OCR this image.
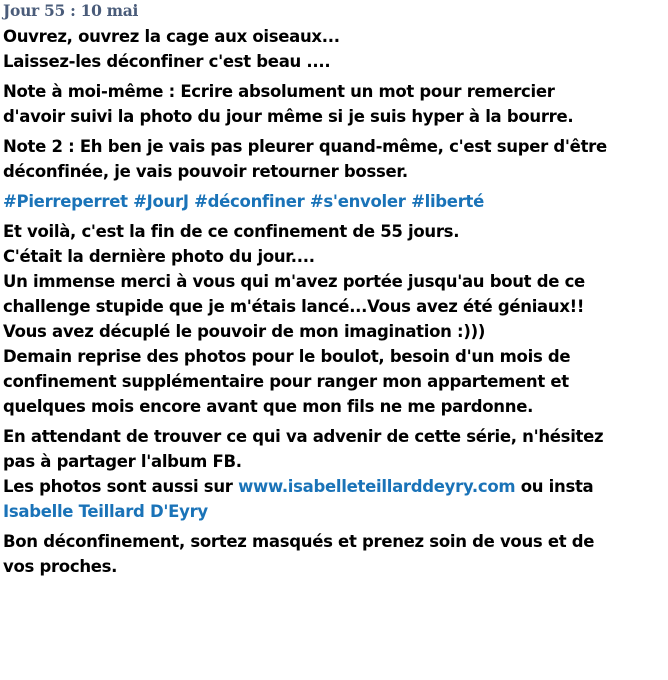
Jour 55 : 10 mai
Ouvrez, ouvrez la cage aux oiseaux...
Laissez-les déconfiner c'est beau ....
Note à moi-même : Ecrire absolument un mot pour remercier
d'avoir suivi la photo du jour même si je suis hyper à la bourre.
Note 2 : Eh ben je vais pas pleurer quand-même, c'est super d'être
déconfinée, je vais pouvoir retourner bosser.
#Pierreperret #JourJ #déconfiner #s'envoler #liberté
Et voilà, c'est la fin de ce confinement de 55 jours.
C'était la dernière photo du jour....
Un immense merci à vous qui m'avez portée jusqu'au bout de ce
challenge stupide que je m'étais lancé...Vous avez été géniaux!!
Vous avez décuplé le pouvoir de mon imagination :)))
Demain reprise des photos pour le boulot, besoin d'un mois de
confinement supplémentaire pour ranger mon appartement et
quelques mois encore avant que mon fils ne me pardonne.
En attendant de trouver ce qui va advenir de cette série, n'hésitez
pas à partager l'album FB.
Les photos sont aussi sur www.isabelleteillarddeyry.com ou insta
Isabelle Teillard D'Eyry
Bon déconfinement, sortez masqués et prenez soin de vous et de
vos proches.
